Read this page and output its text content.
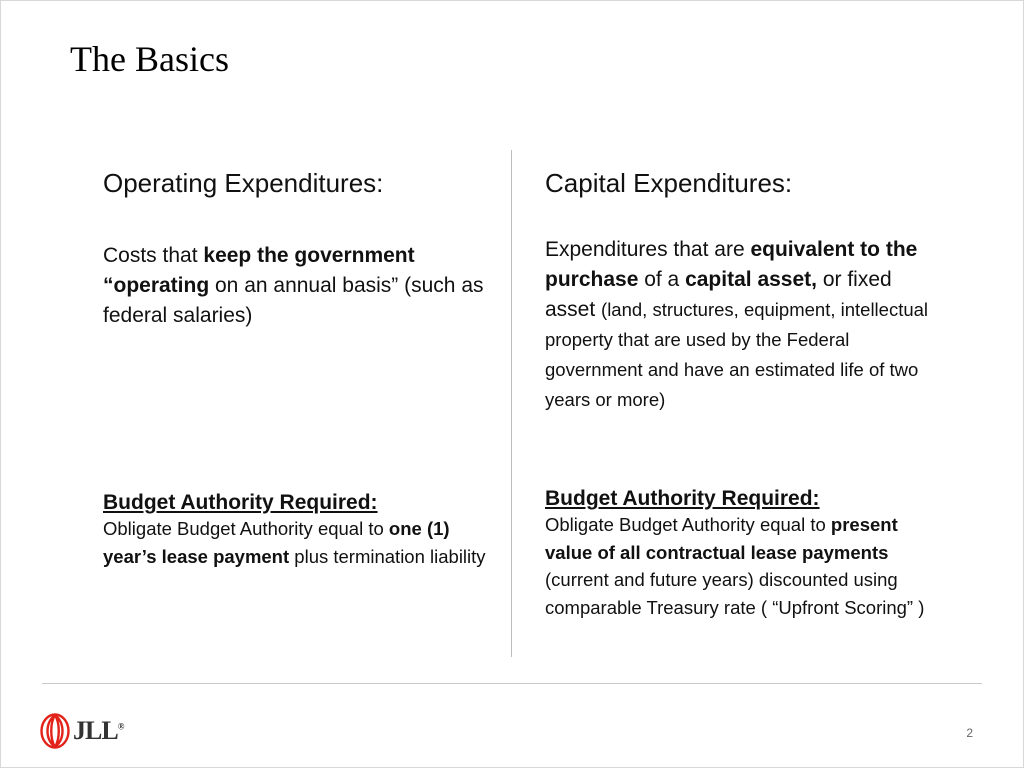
The Basics
Operating Expenditures:

Costs that keep the government “operating on an annual basis” (such as federal salaries)

Budget Authority Required:

Obligate Budget Authority equal to one (1) year’s lease payment plus termination liability

Capital Expenditures:

Expenditures that are equivalent to the purchase of a capital asset, or fixed asset (land, structures, equipment, intellectual property that are used by the Federal government and have an estimated life of two years or more)

Budget Authority Required:

Obligate Budget Authority equal to present value of all contractual lease payments (current and future years) discounted using comparable Treasury rate ( “Upfront Scoring” )

JLL®	2
